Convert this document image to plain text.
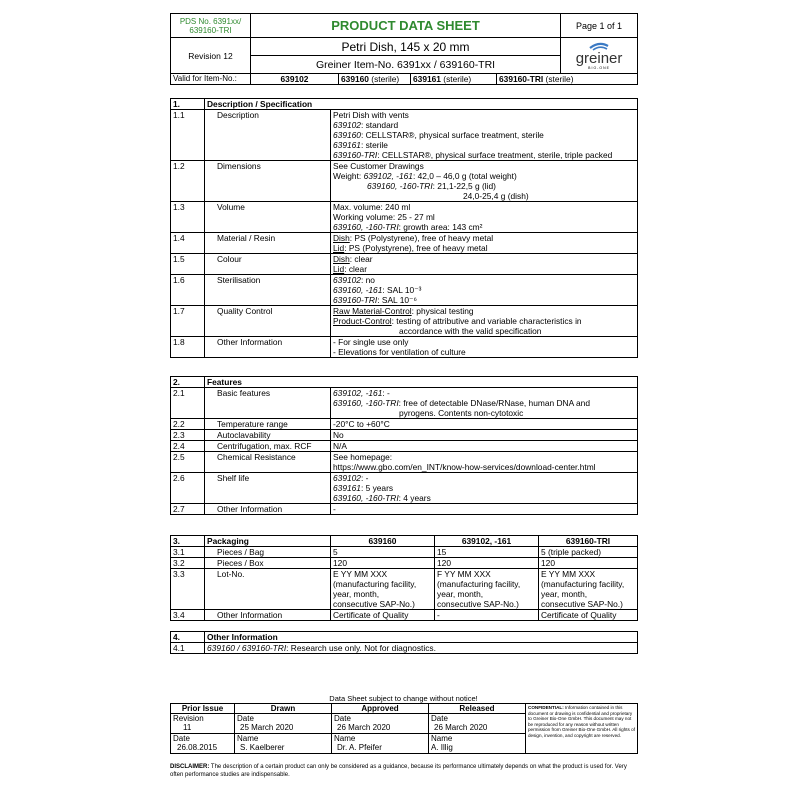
PDS No. 6391xx/ 639160-TRI	PRODUCT DATA SHEET				Page 1 of 1
Revision 12	Petri Dish, 145 x 20 mm				greiner
BIO-ONE

	Greiner Item-No. 6391xx / 639160-TRI				
Valid for Item-No.:	639102	639160 (sterile)	639161 (sterile)	639160-TRI (sterile)	
1.	Description / Specification	
1.1	Description	Petri Dish with vents
639102: standard
639160: CELLSTAR®, physical surface treatment, sterile
639161: sterile
639160-TRI: CELLSTAR®, physical surface treatment, sterile, triple packed

1.2	Dimensions	See Customer Drawings
Weight: 639102, -161: 42,0 – 46,0 g (total weight)
639160, -160-TRI: 21,1-22,5 g (lid)
24,0-25,4 g (dish)

1.3	Volume	Max. volume: 240 ml
Working volume: 25 - 27 ml
639160, -160-TRI: growth area: 143 cm²

1.4	Material / Resin	Dish: PS (Polystyrene), free of heavy metal
Lid: PS (Polystyrene), free of heavy metal

1.5	Colour	Dish: clear
Lid: clear

1.6	Sterilisation	639102: no
639160, -161: SAL 10⁻³
639160-TRI: SAL 10⁻⁶

1.7	Quality Control	Raw Material-Control: physical testing
Product-Control: testing of attributive and variable characteristics in
accordance with the valid specification

1.8	Other Information	- For single use only
- Elevations for ventilation of culture
2.	Features	
2.1	Basic features	639102, -161: -
639160, -160-TRI: free of detectable DNase/RNase, human DNA and
pyrogens. Contents non-cytotoxic

2.2	Temperature range	-20°C to +60°C

2.3	Autoclavability	No

2.4	Centrifugation, max. RCF	N/A

2.5	Chemical Resistance	See homepage:
https://www.gbo.com/en_INT/know-how-services/download-center.html

2.6	Shelf life	639102: -
639161: 5 years
639160, -160-TRI: 4 years

2.7	Other Information	-
3.	Packaging	639160	639102, -161	639160-TRI
3.1	Pieces / Bag	5	15	5 (triple packed)

3.2	Pieces / Box	120	120	120

3.3	Lot-No.	E YY MM XXX
(manufacturing facility,
year, month,
consecutive SAP-No.)	F YY MM XXX
(manufacturing facility,
year, month,
consecutive SAP-No.)	E YY MM XXX
(manufacturing facility,
year, month,
consecutive SAP-No.)

3.4	Other Information	Certificate of Quality	-	Certificate of Quality
4.	Other Information
4.1	639160 / 639160-TRI: Research use only. Not for diagnostics.
Data Sheet subject to change without notice!
Prior Issue	Drawn	Approved	Released	CONFIDENTIAL: Information contained in this document or drawing is confidential and proprietary to Greiner Bio-One GmbH. This document may not be reproduced for any reason without written permission from Greiner Bio-One GmbH. All rights of design, invention, and copyright are reserved.

Revision
11	Date
25 March 2020	Date
26 March 2020	Date
26 March 2020	

Date
26.08.2015	Name
S. Kaelberer	Name
Dr. A. Pfeifer	Name
A. Illig	
DISCLAIMER: The description of a certain product can only be considered as a guidance, because its performance ultimately depends on what the product is used for. Very often performance studies are indispensable.
